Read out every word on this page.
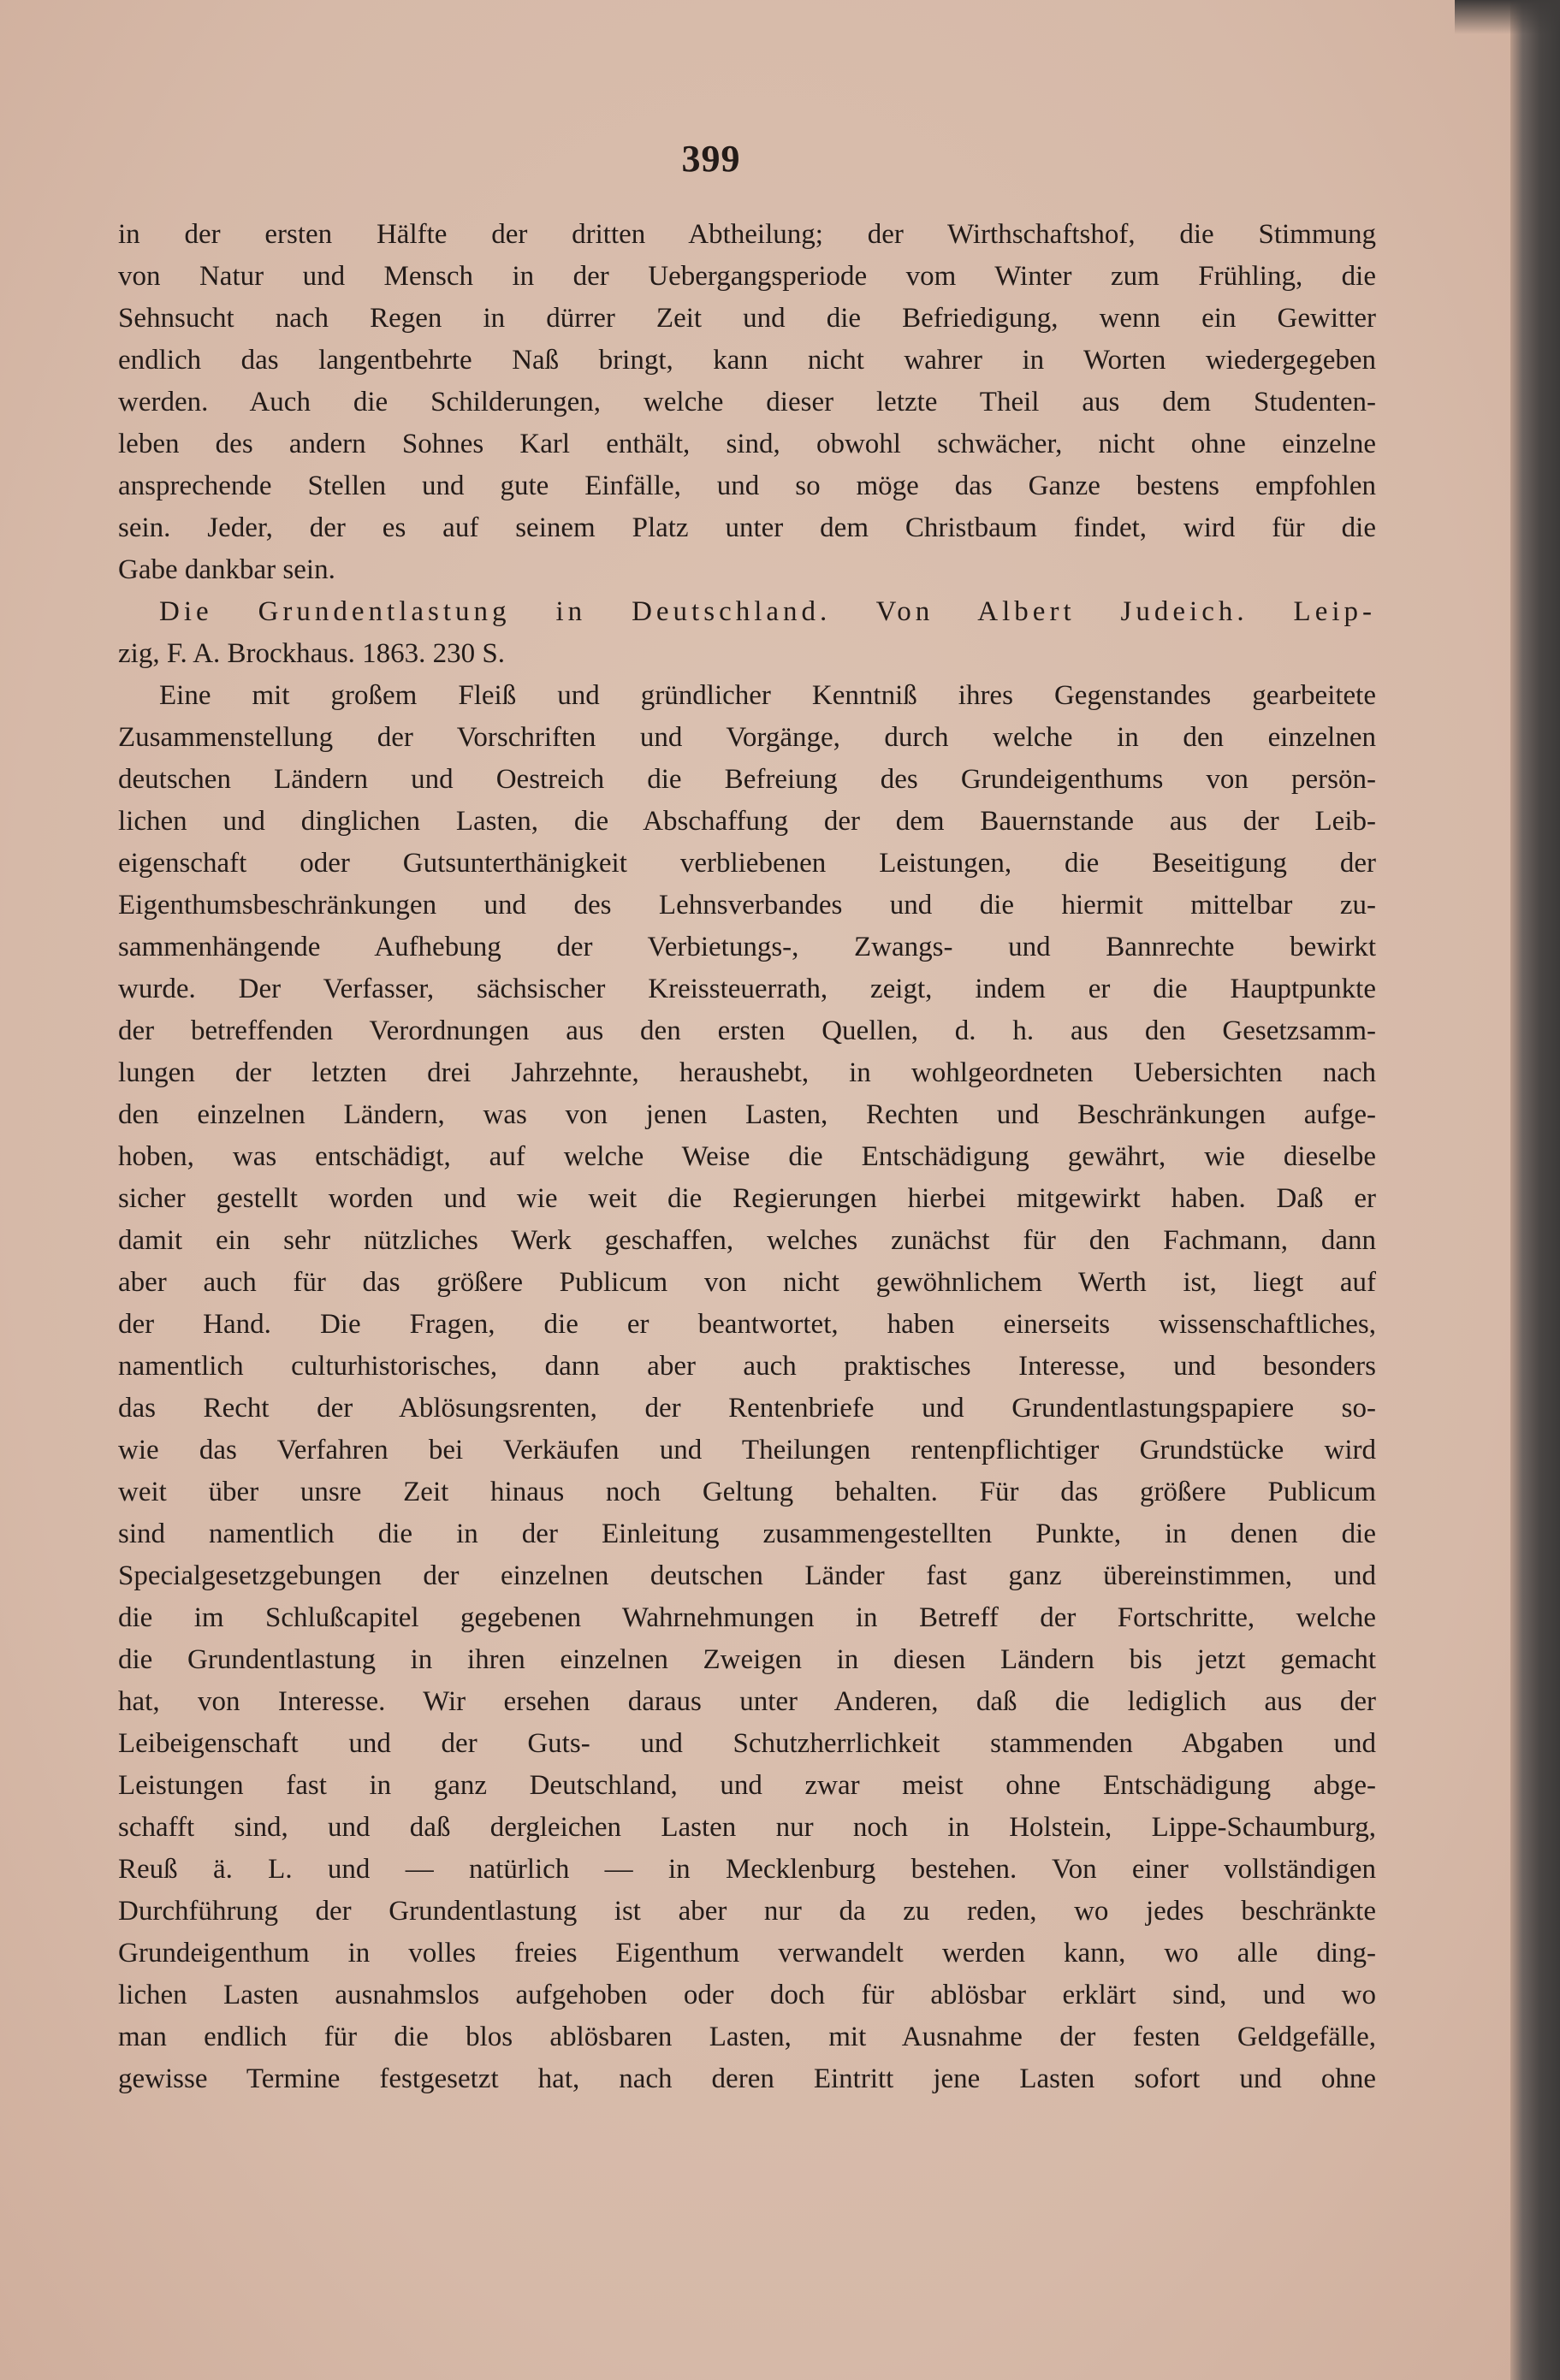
399
in der ersten Hälfte der dritten Abtheilung; der Wirthschaftshof, die Stimmung
von Natur und Mensch in der Uebergangsperiode vom Winter zum Frühling, die
Sehnsucht nach Regen in dürrer Zeit und die Befriedigung, wenn ein Gewitter
endlich das langentbehrte Naß bringt, kann nicht wahrer in Worten wiedergegeben
werden. Auch die Schilderungen, welche dieser letzte Theil aus dem Studenten-
leben des andern Sohnes Karl enthält, sind, obwohl schwächer, nicht ohne einzelne
ansprechende Stellen und gute Einfälle, und so möge das Ganze bestens empfohlen
sein. Jeder, der es auf seinem Platz unter dem Christbaum findet, wird für die
Gabe dankbar sein.
Die Grundentlastung in Deutschland. Von Albert Judeich. Leip-
zig, F. A. Brockhaus. 1863. 230 S.
Eine mit großem Fleiß und gründlicher Kenntniß ihres Gegenstandes gearbeitete
Zusammenstellung der Vorschriften und Vorgänge, durch welche in den einzelnen
deutschen Ländern und Oestreich die Befreiung des Grundeigenthums von persön-
lichen und dinglichen Lasten, die Abschaffung der dem Bauernstande aus der Leib-
eigenschaft oder Gutsunterthänigkeit verbliebenen Leistungen, die Beseitigung der
Eigenthumsbeschränkungen und des Lehnsverbandes und die hiermit mittelbar zu-
sammenhängende Aufhebung der Verbietungs-, Zwangs- und Bannrechte bewirkt
wurde. Der Verfasser, sächsischer Kreissteuerrath, zeigt, indem er die Hauptpunkte
der betreffenden Verordnungen aus den ersten Quellen, d. h. aus den Gesetzsamm-
lungen der letzten drei Jahrzehnte, heraushebt, in wohlgeordneten Uebersichten nach
den einzelnen Ländern, was von jenen Lasten, Rechten und Beschränkungen aufge-
hoben, was entschädigt, auf welche Weise die Entschädigung gewährt, wie dieselbe
sicher gestellt worden und wie weit die Regierungen hierbei mitgewirkt haben. Daß er
damit ein sehr nützliches Werk geschaffen, welches zunächst für den Fachmann, dann
aber auch für das größere Publicum von nicht gewöhnlichem Werth ist, liegt auf
der Hand. Die Fragen, die er beantwortet, haben einerseits wissenschaftliches,
namentlich culturhistorisches, dann aber auch praktisches Interesse, und besonders
das Recht der Ablösungsrenten, der Rentenbriefe und Grundentlastungspapiere so-
wie das Verfahren bei Verkäufen und Theilungen rentenpflichtiger Grundstücke wird
weit über unsre Zeit hinaus noch Geltung behalten. Für das größere Publicum
sind namentlich die in der Einleitung zusammengestellten Punkte, in denen die
Specialgesetzgebungen der einzelnen deutschen Länder fast ganz übereinstimmen, und
die im Schlußcapitel gegebenen Wahrnehmungen in Betreff der Fortschritte, welche
die Grundentlastung in ihren einzelnen Zweigen in diesen Ländern bis jetzt gemacht
hat, von Interesse. Wir ersehen daraus unter Anderen, daß die lediglich aus der
Leibeigenschaft und der Guts- und Schutzherrlichkeit stammenden Abgaben und
Leistungen fast in ganz Deutschland, und zwar meist ohne Entschädigung abge-
schafft sind, und daß dergleichen Lasten nur noch in Holstein, Lippe-Schaumburg,
Reuß ä. L. und — natürlich — in Mecklenburg bestehen. Von einer vollständigen
Durchführung der Grundentlastung ist aber nur da zu reden, wo jedes beschränkte
Grundeigenthum in volles freies Eigenthum verwandelt werden kann, wo alle ding-
lichen Lasten ausnahmslos aufgehoben oder doch für ablösbar erklärt sind, und wo
man endlich für die blos ablösbaren Lasten, mit Ausnahme der festen Geldgefälle,
gewisse Termine festgesetzt hat, nach deren Eintritt jene Lasten sofort und ohne
